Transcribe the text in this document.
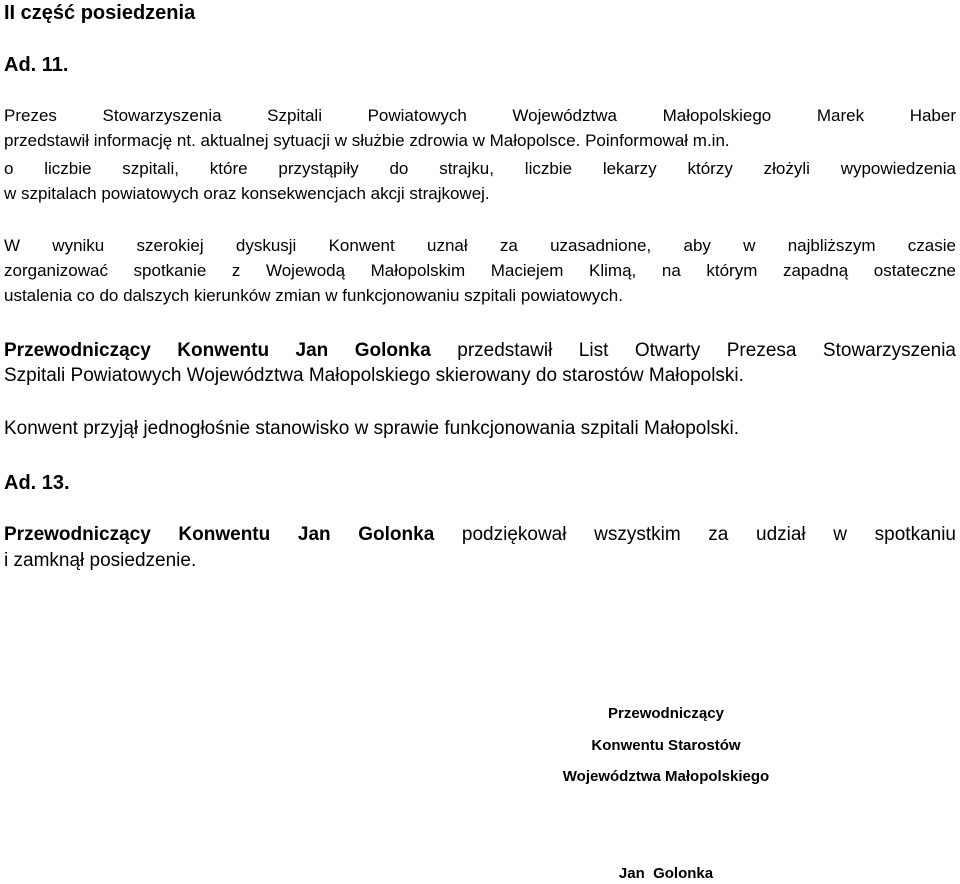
II część posiedzenia
Ad. 11.
Prezes Stowarzyszenia Szpitali Powiatowych Województwa Małopolskiego Marek Haber
przedstawił informację nt. aktualnej sytuacji w służbie zdrowia w Małopolsce. Poinformował m.in.
o liczbie szpitali, które przystąpiły do strajku, liczbie lekarzy którzy złożyli wypowiedzenia
w szpitalach powiatowych oraz konsekwencjach akcji strajkowej.
W wyniku szerokiej dyskusji Konwent uznał za uzasadnione, aby w najbliższym czasie
zorganizować spotkanie z Wojewodą Małopolskim Maciejem Klimą, na którym zapadną ostateczne
ustalenia co do dalszych kierunków zmian w funkcjonowaniu szpitali powiatowych.
Przewodniczący Konwentu Jan Golonka przedstawił List Otwarty Prezesa Stowarzyszenia
Szpitali Powiatowych Województwa Małopolskiego skierowany do starostów Małopolski.
Konwent przyjął jednogłośnie stanowisko w sprawie funkcjonowania szpitali Małopolski.
Ad. 13.
Przewodniczący Konwentu Jan Golonka podziękował wszystkim za udział w spotkaniu
i zamknął posiedzenie.
Przewodniczący
Konwentu Starostów
Województwa Małopolskiego
Jan  Golonka
